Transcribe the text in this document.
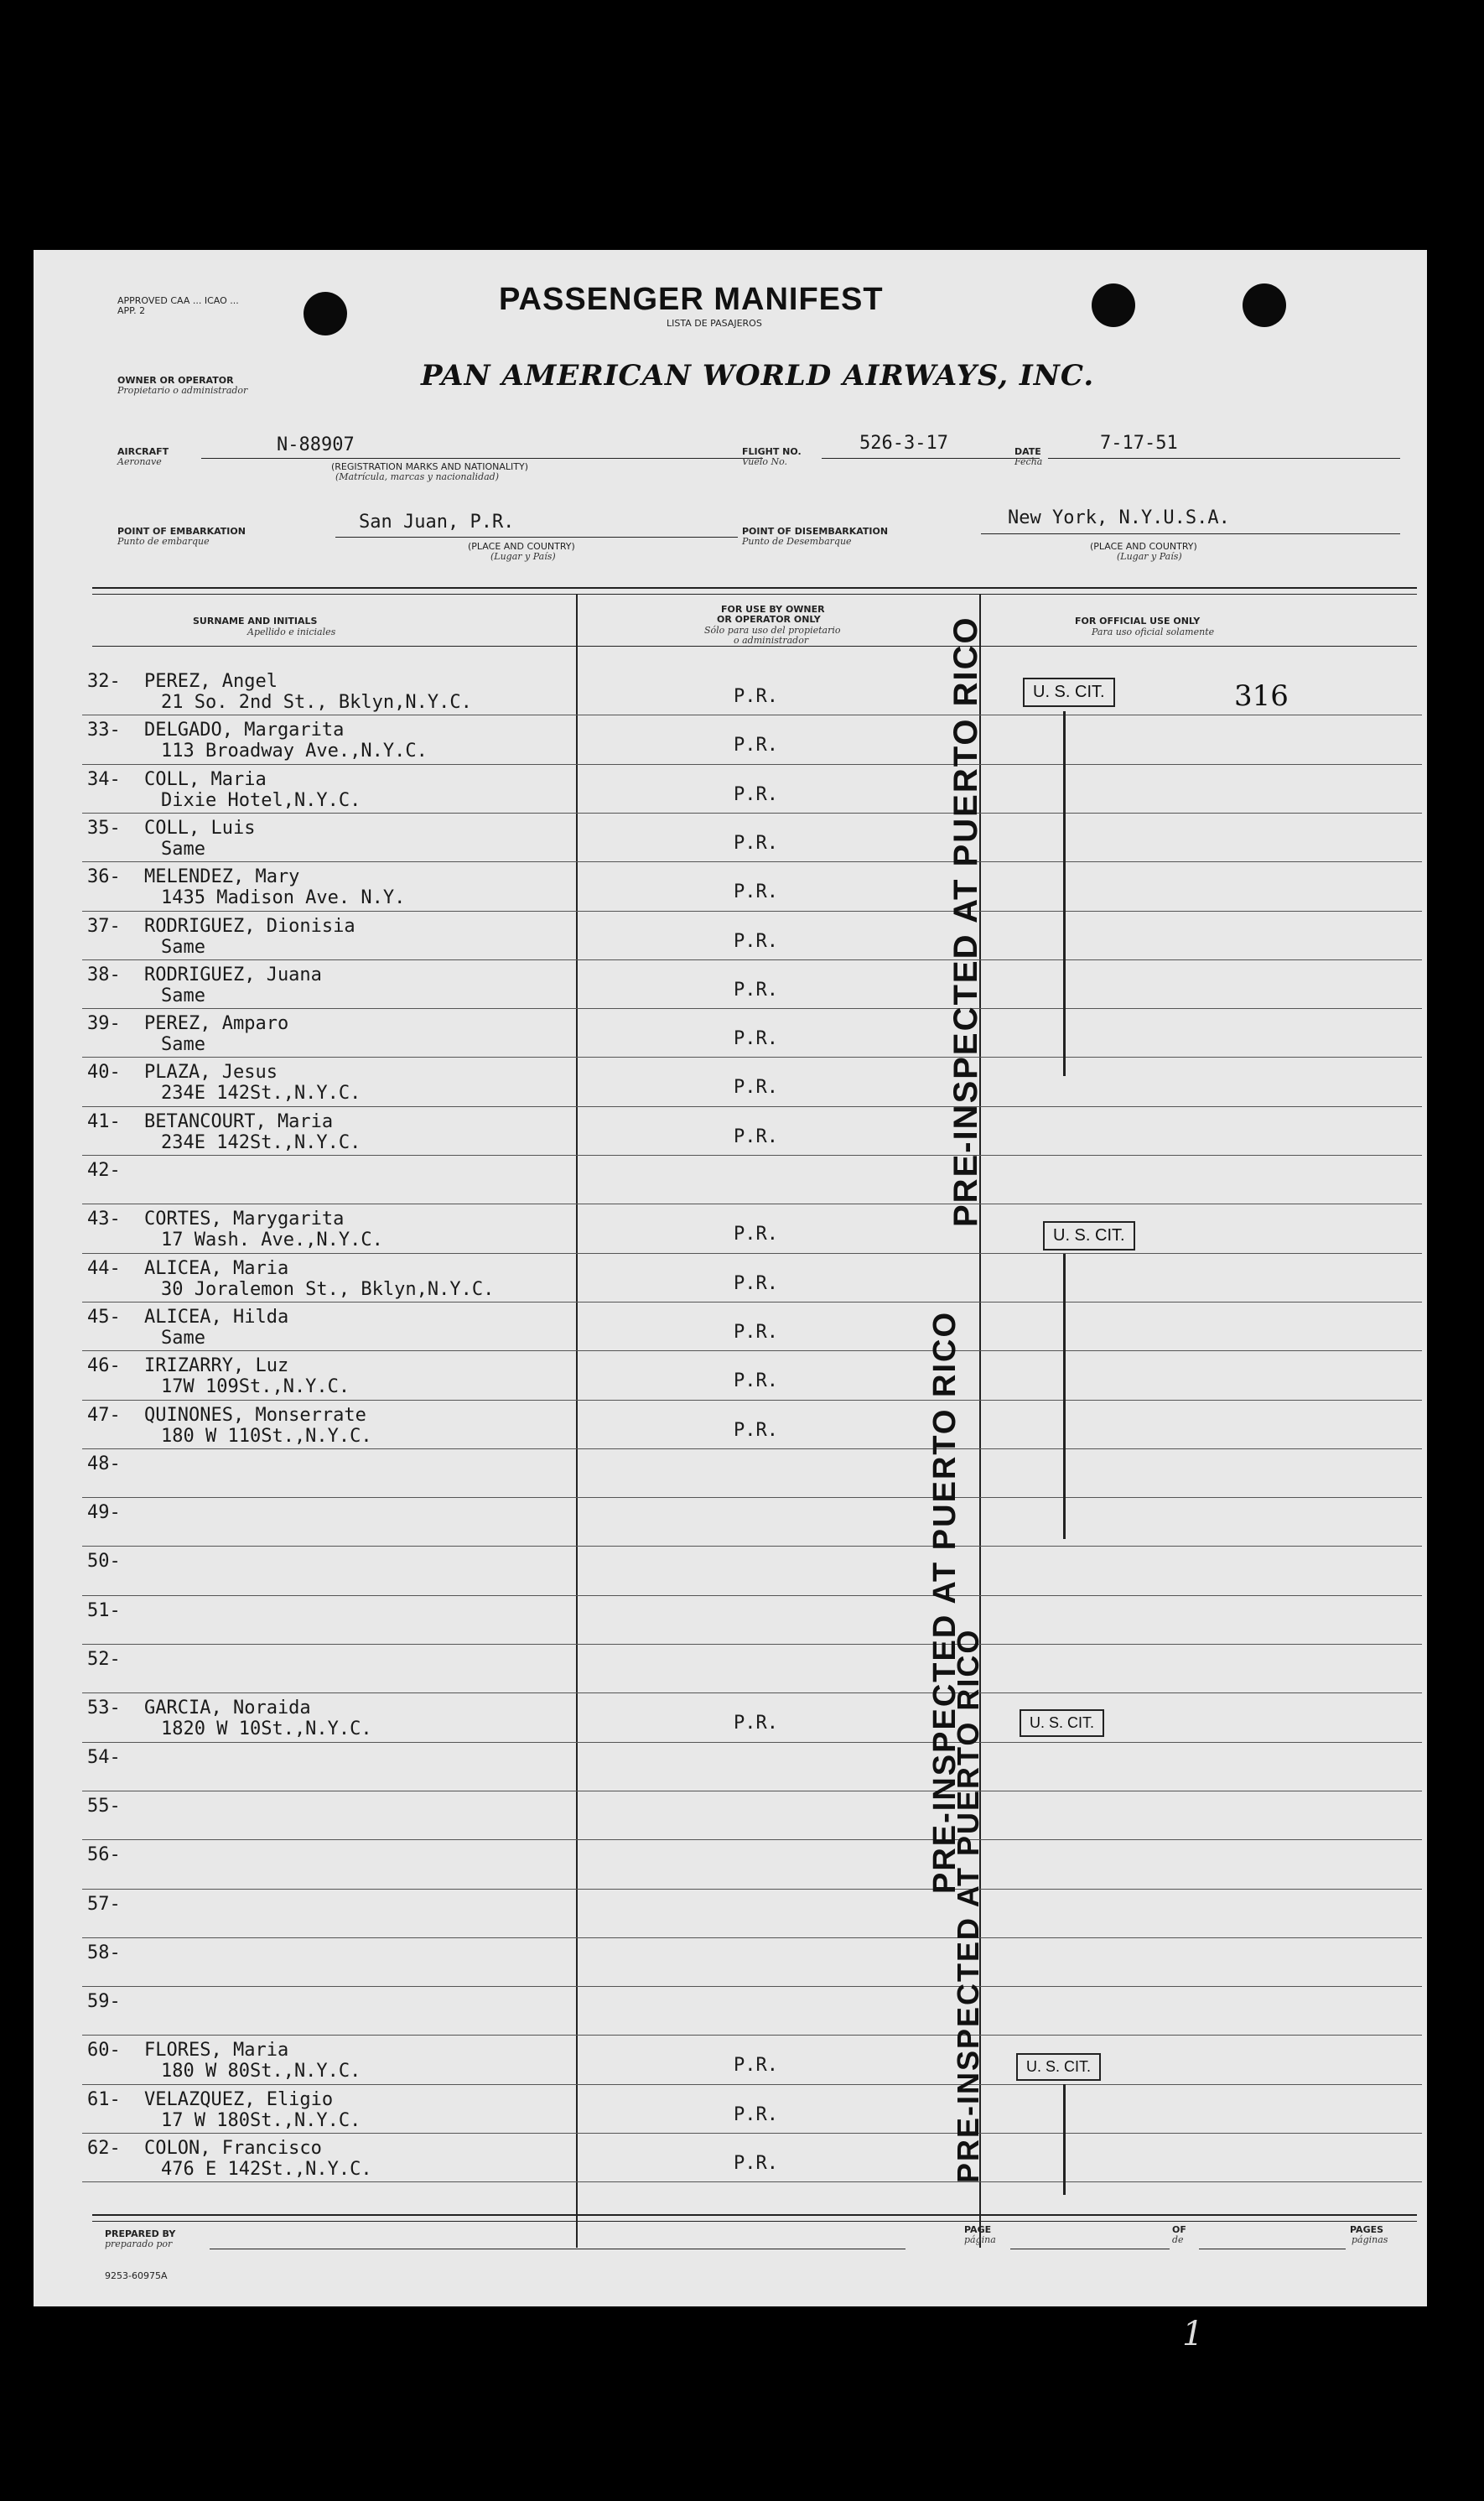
APPROVED CAA ... ICAO ... APP. 2	PASSENGER MANIFEST
LISTA DE PASAJEROS
OWNER OR OPERATOR
Propietario o administrador	PAN AMERICAN WORLD AIRWAYS, INC.
AIRCRAFT
Aeronave
N-88907
(REGISTRATION MARKS AND NATIONALITY)
(Matrícula, marcas y nacionalidad)
FLIGHT NO.
Vuelo No.
526-3-17	DATE
Fecha
7-17-51
POINT OF EMBARKATION
Punto de embarque
San Juan, P.R.
(PLACE AND COUNTRY)
(Lugar y País)
POINT OF DISEMBARKATION
Punto de Desembarque
New York, N.Y.U.S.A.
(PLACE AND COUNTRY)
(Lugar y País)
SURNAME AND INITIALS
Apellido e iniciales
FOR USE BY OWNER
OR OPERATOR ONLY
Sólo para uso del propietario
o administrador
FOR OFFICIAL USE ONLY
Para uso oficial solamente
32- PEREZ, Angel
21 So. 2nd St., Bklyn,N.Y.C.	P.R.
33- DELGADO, Margarita
113 Broadway Ave.,N.Y.C.	P.R.
34- COLL, Maria
Dixie Hotel,N.Y.C.	P.R.
35- COLL, Luis
Same	P.R.
36- MELENDEZ, Mary
1435 Madison Ave. N.Y.	P.R.
37- RODRIGUEZ, Dionisia
Same	P.R.
38- RODRIGUEZ, Juana
Same	P.R.
39- PEREZ, Amparo
Same	P.R.
40- PLAZA, Jesus
234E 142St.,N.Y.C.	P.R.
41- BETANCOURT, Maria
234E 142St.,N.Y.C.	P.R.
42-
43- CORTES, Marygarita
17 Wash. Ave.,N.Y.C.	P.R.
44- ALICEA, Maria
30 Joralemon St., Bklyn,N.Y.C.	P.R.
45- ALICEA, Hilda
Same	P.R.
46- IRIZARRY, Luz
17W 109St.,N.Y.C.	P.R.
47- QUINONES, Monserrate
180 W 110St.,N.Y.C.	P.R.
48-
49-
50-
51-
52-
53- GARCIA, Noraida
1820 W 10St.,N.Y.C.	P.R.
54-
55-
56-
57-
58-
59-
60- FLORES, Maria
180 W 80St.,N.Y.C.	P.R.
61- VELAZQUEZ, Eligio
17 W 180St.,N.Y.C.	P.R.
62- COLON, Francisco
476 E 142St.,N.Y.C.	P.R.
316
U. S. CIT.
U. S. CIT.
U. S. CIT.
U. S. CIT.
PRE-INSPECTED AT PUERTO RICO
PRE-INSPECTED AT PUERTO RICO
PRE-INSPECTED AT PUERTO RICO
PREPARED BY
preparado por
PAGE
página
OF
de
PAGES
páginas
9253-60975A
1
